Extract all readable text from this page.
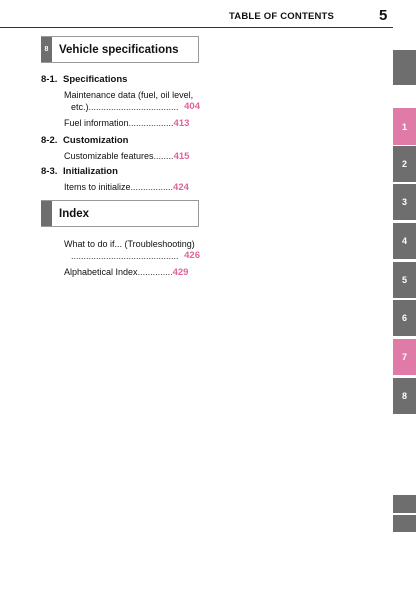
TABLE OF CONTENTS	5
8 Vehicle specifications
8-1. Specifications
Maintenance data (fuel, oil level,
etc.).................................... 404
Fuel information..................413
8-2. Customization
Customizable features........415
8-3. Initialization
Items to initialize.................424
Index
What to do if... (Troubleshooting)
........................................... 426
Alphabetical Index..............429
1
2
3
4
5
6
7
8
